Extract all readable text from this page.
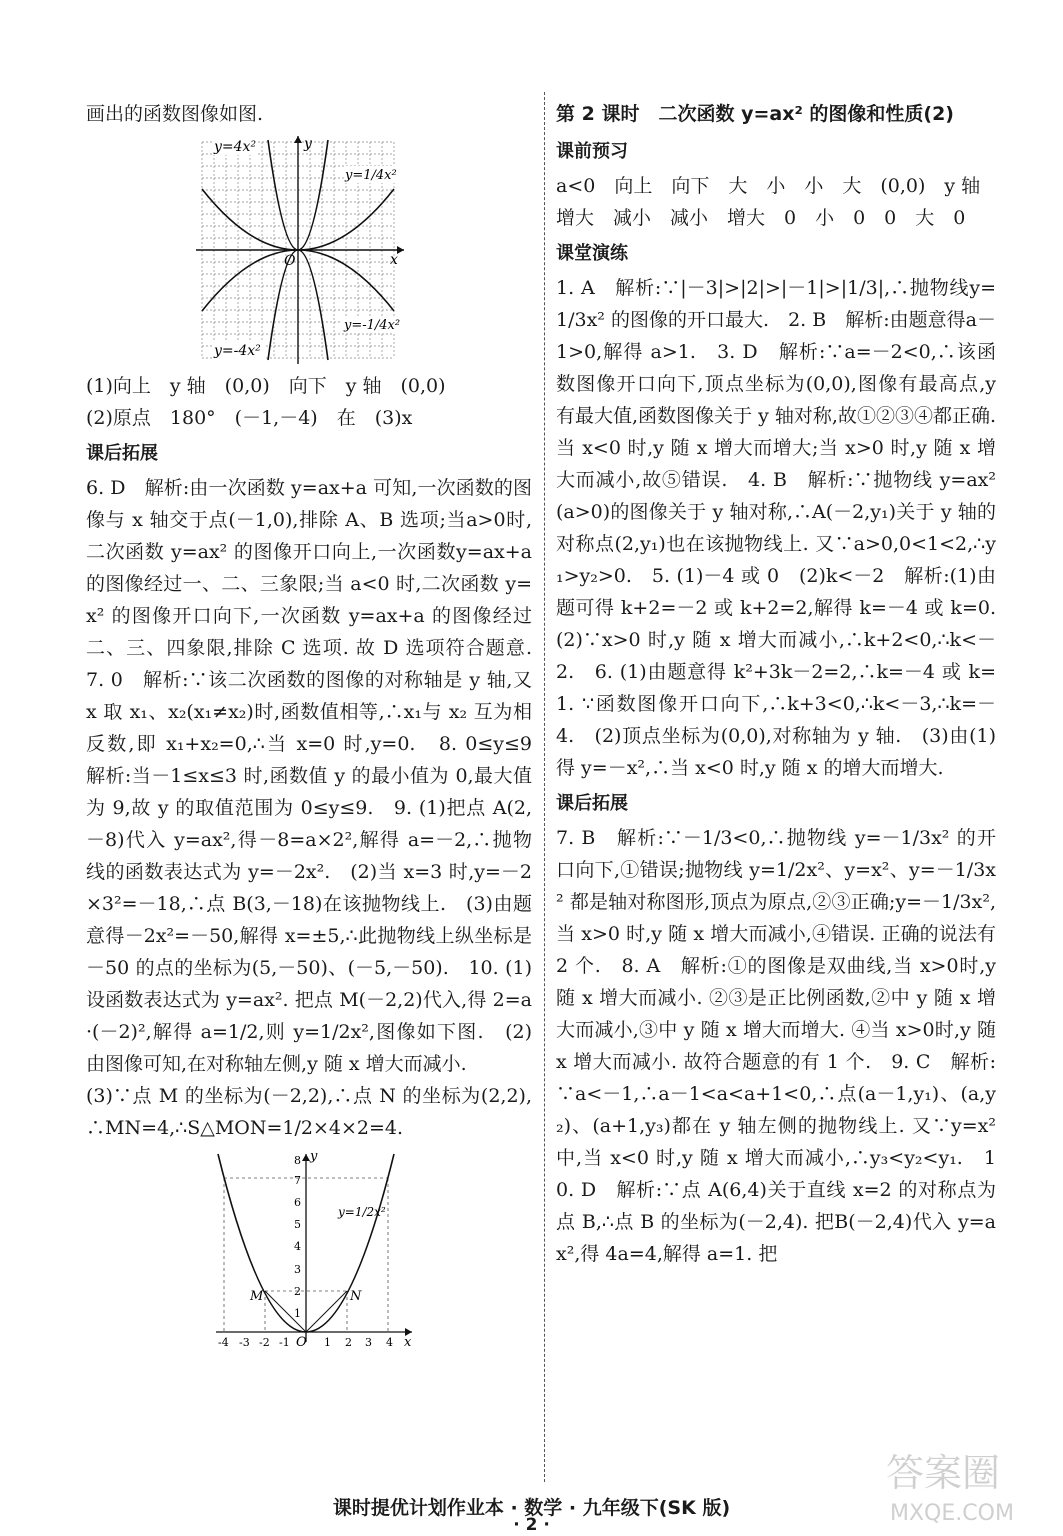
画出的函数图像如图.

y=4x²	y
y=1/4x²
O	x
y=-1/4x²
y=-4x²

(1)向上　y 轴　(0,0)　向下　y 轴　(0,0)

(2)原点　180°　(－1,－4)　在　(3)x

课后拓展

6. D　解析:由一次函数 y=ax+a 可知,一次函数的图像与 x 轴交于点(－1,0),排除 A、B 选项;当a>0时,二次函数 y=ax² 的图像开口向上,一次函数y=ax+a 的图像经过一、二、三象限;当 a<0 时,二次函数 y=x² 的图像开口向下,一次函数 y=ax+a 的图像经过二、三、四象限,排除 C 选项. 故 D 选项符合题意.　7. 0　解析:∵该二次函数的图像的对称轴是 y 轴,又 x 取 x₁、x₂(x₁≠x₂)时,函数值相等,∴x₁与 x₂ 互为相反数,即 x₁+x₂=0,∴当 x=0 时,y=0.　8. 0≤y≤9　解析:当－1≤x≤3 时,函数值 y 的最小值为 0,最大值为 9,故 y 的取值范围为 0≤y≤9.　9. (1)把点 A(2,－8)代入 y=ax²,得－8=a×2²,解得 a=－2,∴抛物线的函数表达式为 y=－2x².　(2)当 x=3 时,y=－2×3²=－18,∴点 B(3,－18)在该抛物线上.　(3)由题意得－2x²=－50,解得 x=±5,∴此抛物线上纵坐标是－50 的点的坐标为(5,－50)、(－5,－50).　10. (1)设函数表达式为 y=ax². 把点 M(－2,2)代入,得 2=a·(－2)²,解得 a=1/2,则 y=1/2x²,图像如下图.　(2)由图像可知,在对称轴左侧,y 随 x 增大而减小.

(3)∵点 M 的坐标为(－2,2),∴点 N 的坐标为(2,2),∴MN=4,∴S△MON=1/2×4×2=4.

y
x
O
y=1/2x²
M	N
1
2
3
4
5
6
7
8
-4 -3 -2 -1	1 2 3 4

第 2 课时　二次函数 y=ax² 的图像和性质(2)

课前预习

a<0　向上　向下　大　小　小　大　(0,0)　y 轴

增大　减小　减小　增大　0　小　0　0　大　0

课堂演练

1. A　解析:∵|－3|>|2|>|－1|>|1/3|,∴抛物线y=1/3x² 的图像的开口最大.　2. B　解析:由题意得a－1>0,解得 a>1.　3. D　解析:∵a=－2<0,∴该函数图像开口向下,顶点坐标为(0,0),图像有最高点,y 有最大值,函数图像关于 y 轴对称,故①②③④都正确. 当 x<0 时,y 随 x 增大而增大;当 x>0 时,y 随 x 增大而减小,故⑤错误.　4. B　解析:∵抛物线 y=ax²(a>0)的图像关于 y 轴对称,∴A(－2,y₁)关于 y 轴的对称点(2,y₁)也在该抛物线上. 又∵a>0,0<1<2,∴y₁>y₂>0.　5. (1)－4 或 0　(2)k<－2　解析:(1)由题可得 k+2=－2 或 k+2=2,解得 k=－4 或 k=0.　(2)∵x>0 时,y 随 x 增大而减小,∴k+2<0,∴k<－2.　6. (1)由题意得 k²+3k－2=2,∴k=－4 或 k=1. ∵函数图像开口向下,∴k+3<0,∴k<－3,∴k=－4.　(2)顶点坐标为(0,0),对称轴为 y 轴.　(3)由(1)得 y=－x²,∴当 x<0 时,y 随 x 的增大而增大.

课后拓展

7. B　解析:∵－1/3<0,∴抛物线 y=－1/3x² 的开口向下,①错误;抛物线 y=1/2x²、y=x²、y=－1/3x² 都是轴对称图形,顶点为原点,②③正确;y=－1/3x²,当 x>0 时,y 随 x 增大而减小,④错误. 正确的说法有 2 个.　8. A　解析:①的图像是双曲线,当 x>0时,y 随 x 增大而减小. ②③是正比例函数,②中 y 随 x 增大而减小,③中 y 随 x 增大而增大. ④当 x>0时,y 随 x 增大而减小. 故符合题意的有 1 个.　9. C　解析:∵a<－1,∴a－1<a<a+1<0,∴点(a－1,y₁)、(a,y₂)、(a+1,y₃)都在 y 轴左侧的抛物线上. 又∵y=x² 中,当 x<0 时,y 随 x 增大而减小,∴y₃<y₂<y₁.　10. D　解析:∵点 A(6,4)关于直线 x=2 的对称点为点 B,∴点 B 的坐标为(－2,4). 把B(－2,4)代入 y=ax²,得 4a=4,解得 a=1. 把

课时提优计划作业本 · 数学 · 九年级下(SK 版)
· 2 ·
答案圈
MXQE.COM
